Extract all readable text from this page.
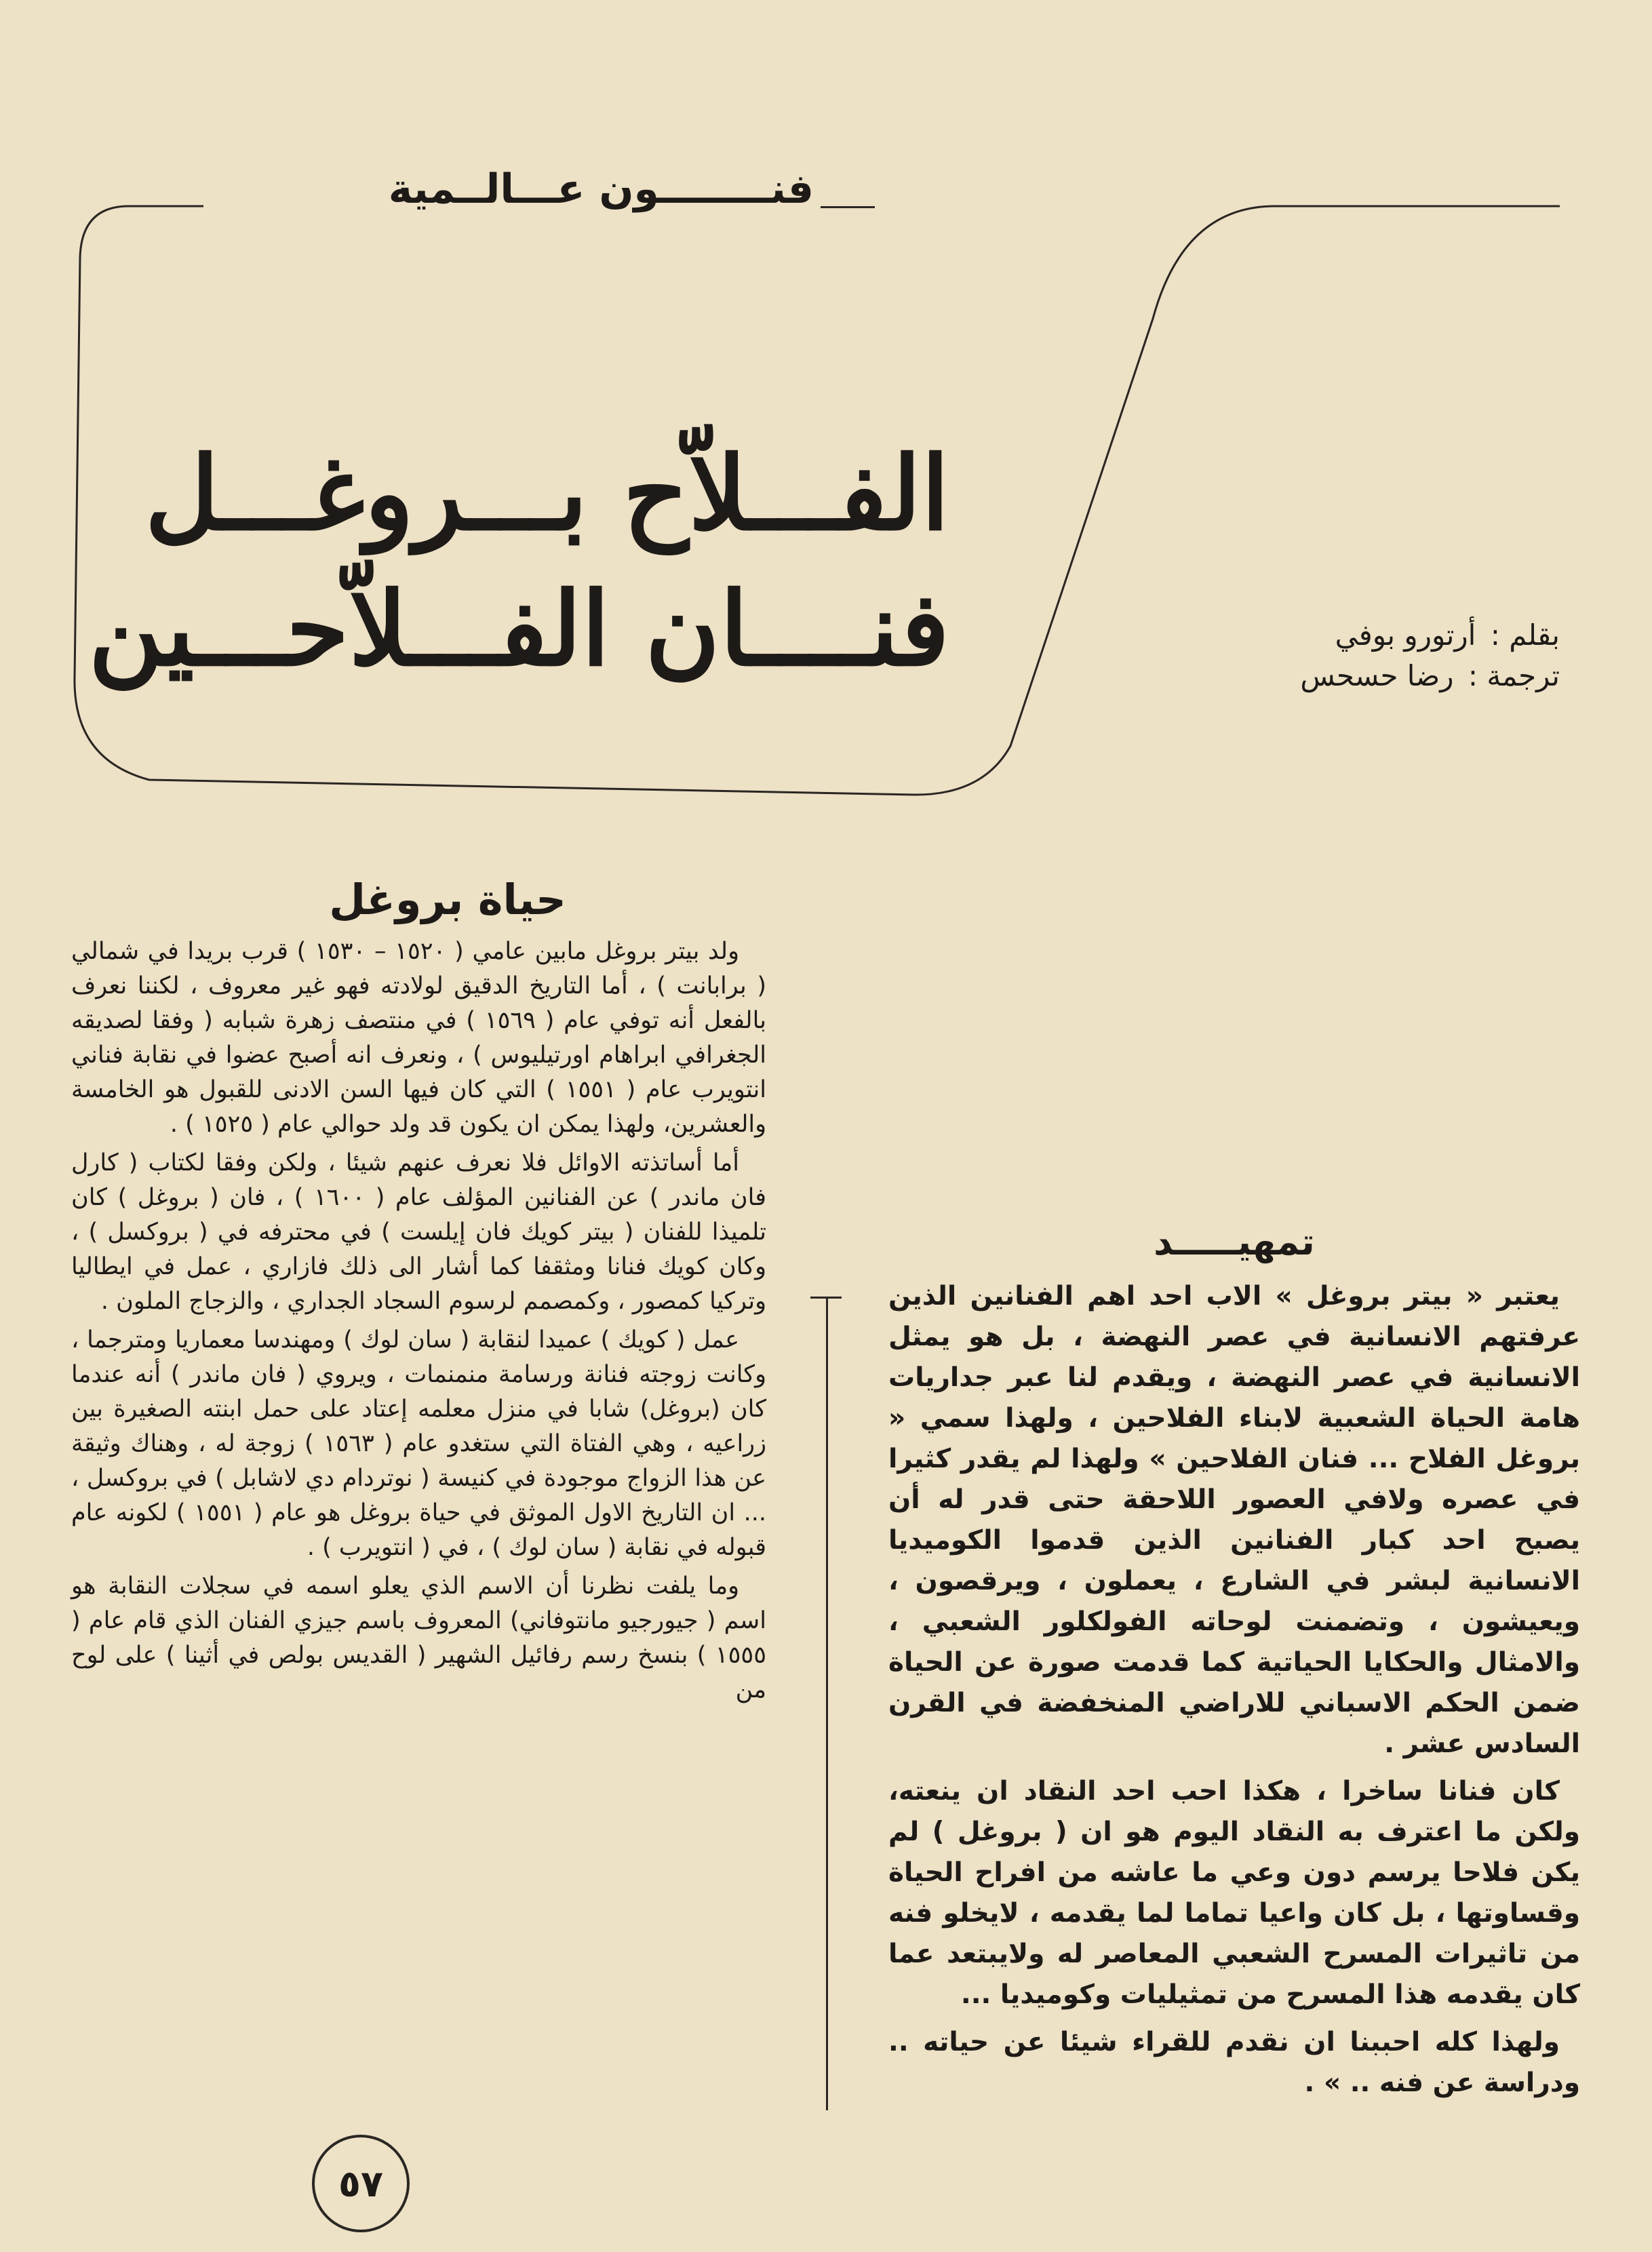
فنــــــــون عـــالــمية
الفـــلاّح بـــروغـــل
فنــــان الفـــلاّحـــين	بقلم : أرتورو بوفي
ترجمة : رضا حسحس
حياة بروغل

ولد بيتر بروغل مابين عامي ( ١٥٢٠ – ١٥٣٠ ) قرب بريدا في شمالي ( برابانت ) ، أما التاريخ الدقيق لولادته فهو غير معروف ، لكننا نعرف بالفعل أنه توفي عام ( ١٥٦٩ ) في منتصف زهرة شبابه ( وفقا لصديقه الجغرافي ابراهام اورتيليوس ) ، ونعرف انه أصبح عضوا في نقابة فناني انتويرب عام ( ١٥٥١ ) التي كان فيها السن الادنى للقبول هو الخامسة والعشرين، ولهذا يمكن ان يكون قد ولد حوالي عام ( ١٥٢٥ ) .

أما أساتذته الاوائل فلا نعرف عنهم شيئا ، ولكن وفقا لكتاب ( كارل فان ماندر ) عن الفنانين المؤلف عام ( ١٦٠٠ ) ، فان ( بروغل ) كان تلميذا للفنان ( بيتر كويك فان إيلست ) في محترفه في ( بروكسل ) ، وكان كويك فنانا ومثقفا كما أشار الى ذلك فازاري ، عمل في ايطاليا وتركيا كمصور ، وكمصمم لرسوم السجاد الجداري ، والزجاج الملون .

عمل ( كويك ) عميدا لنقابة ( سان لوك ) ومهندسا معماريا ومترجما ، وكانت زوجته فنانة ورسامة منمنمات ، ويروي ( فان ماندر ) أنه عندما كان (بروغل) شابا في منزل معلمه إعتاد على حمل ابنته الصغيرة بين زراعيه ، وهي الفتاة التي ستغدو عام ( ١٥٦٣ ) زوجة له ، وهناك وثيقة عن هذا الزواج موجودة في كنيسة ( نوتردام دي لاشابل ) في بروكسل ، ... ان التاريخ الاول الموثق في حياة بروغل هو عام ( ١٥٥١ ) لكونه عام قبوله في نقابة ( سان لوك ) ، في ( انتويرب ) .

وما يلفت نظرنا أن الاسم الذي يعلو اسمه في سجلات النقابة هو اسم ( جيورجيو مانتوفاني) المعروف باسم جيزي الفنان الذي قام عام ( ١٥٥٥ ) بنسخ رسم رفائيل الشهير ( القديس بولص في أثينا ) على لوح من

تمهيـــــد

يعتبر « بيتر بروغل » الاب احد اهم الفنانين الذين عرفتهم الانسانية في عصر النهضة ، بل هو يمثل الانسانية في عصر النهضة ، ويقدم لنا عبر جداريات هامة الحياة الشعبية لابناء الفلاحين ، ولهذا سمي « بروغل الفلاح ... فنان الفلاحين » ولهذا لم يقدر كثيرا في عصره ولافي العصور اللاحقة حتى قدر له أن يصبح احد كبار الفنانين الذين قدموا الكوميديا الانسانية لبشر في الشارع ، يعملون ، ويرقصون ، ويعيشون ، وتضمنت لوحاته الفولكلور الشعبي ، والامثال والحكايا الحياتية كما قدمت صورة عن الحياة ضمن الحكم الاسباني للاراضي المنخفضة في القرن السادس عشر .

كان فنانا ساخرا ، هكذا احب احد النقاد ان ينعته، ولكن ما اعترف به النقاد اليوم هو ان ( بروغل ) لم يكن فلاحا يرسم دون وعي ما عاشه من افراح الحياة وقساوتها ، بل كان واعيا تماما لما يقدمه ، لايخلو فنه من تاثيرات المسرح الشعبي المعاصر له ولايبتعد عما كان يقدمه هذا المسرح من تمثيليات وكوميديا ...

ولهذا كله احببنا ان نقدم للقراء شيئا عن حياته .. ودراسة عن فنه .. » .

٥٧
